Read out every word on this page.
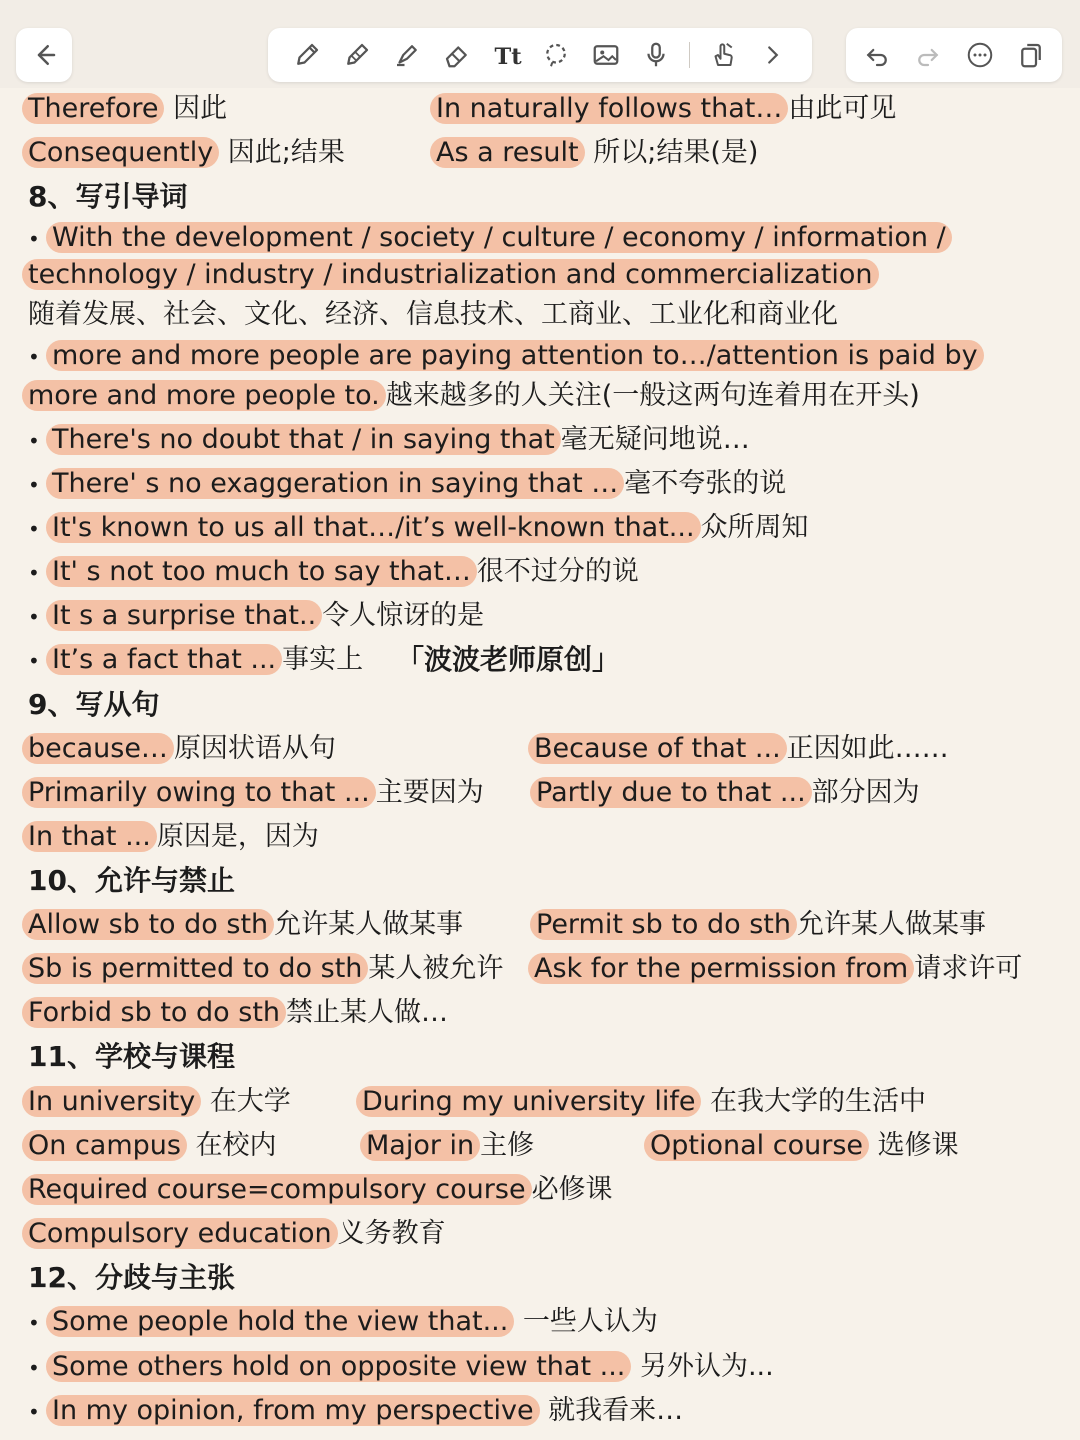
Tt
Therefore 因此	In naturally follows that… 由此可见
Consequently 因此;结果	As a result 所以;结果(是)
8、写引导词
• With the development / society / culture / economy / information /
technology / industry / industrialization and commercialization
随着发展、社会、文化、经济、信息技术、工商业、工业化和商业化
• more and more people are paying attention to…/attention is paid by
more and more people to. 越来越多的人关注(一般这两句连着用在开头)
• There's no doubt that / in saying that 毫无疑问地说…
• There' s no exaggeration in saying that … 毫不夸张的说
• It's known to us all that…/it’s well-known that... 众所周知
• It' s not too much to say that… 很不过分的说
• It s a surprise that.. 令人惊讶的是
• It’s a fact that ... 事实上 「波波老师原创」
9、写从句
because… 原因状语从句	Because of that ... 正因如此……
Primarily owing to that ... 主要因为 Partly due to that ... 部分因为
In that ... 原因是，因为
10、允许与禁止
Allow sb to do sth 允许某人做某事	Permit sb to do sth 允许某人做某事
Sb is permitted to do sth 某人被允许 Ask for the permission from 请求许可
Forbid sb to do sth 禁止某人做…
11、学校与课程
In university 在大学	During my university life 在我大学的生活中
On campus 在校内	Major in 主修	Optional course 选修课
Required course=compulsory course 必修课
Compulsory education 义务教育
12、分歧与主张
• Some people hold the view that... 一些人认为
• Some others hold on opposite view that ... 另外认为...
• In my opinion, from my perspective 就我看来…
